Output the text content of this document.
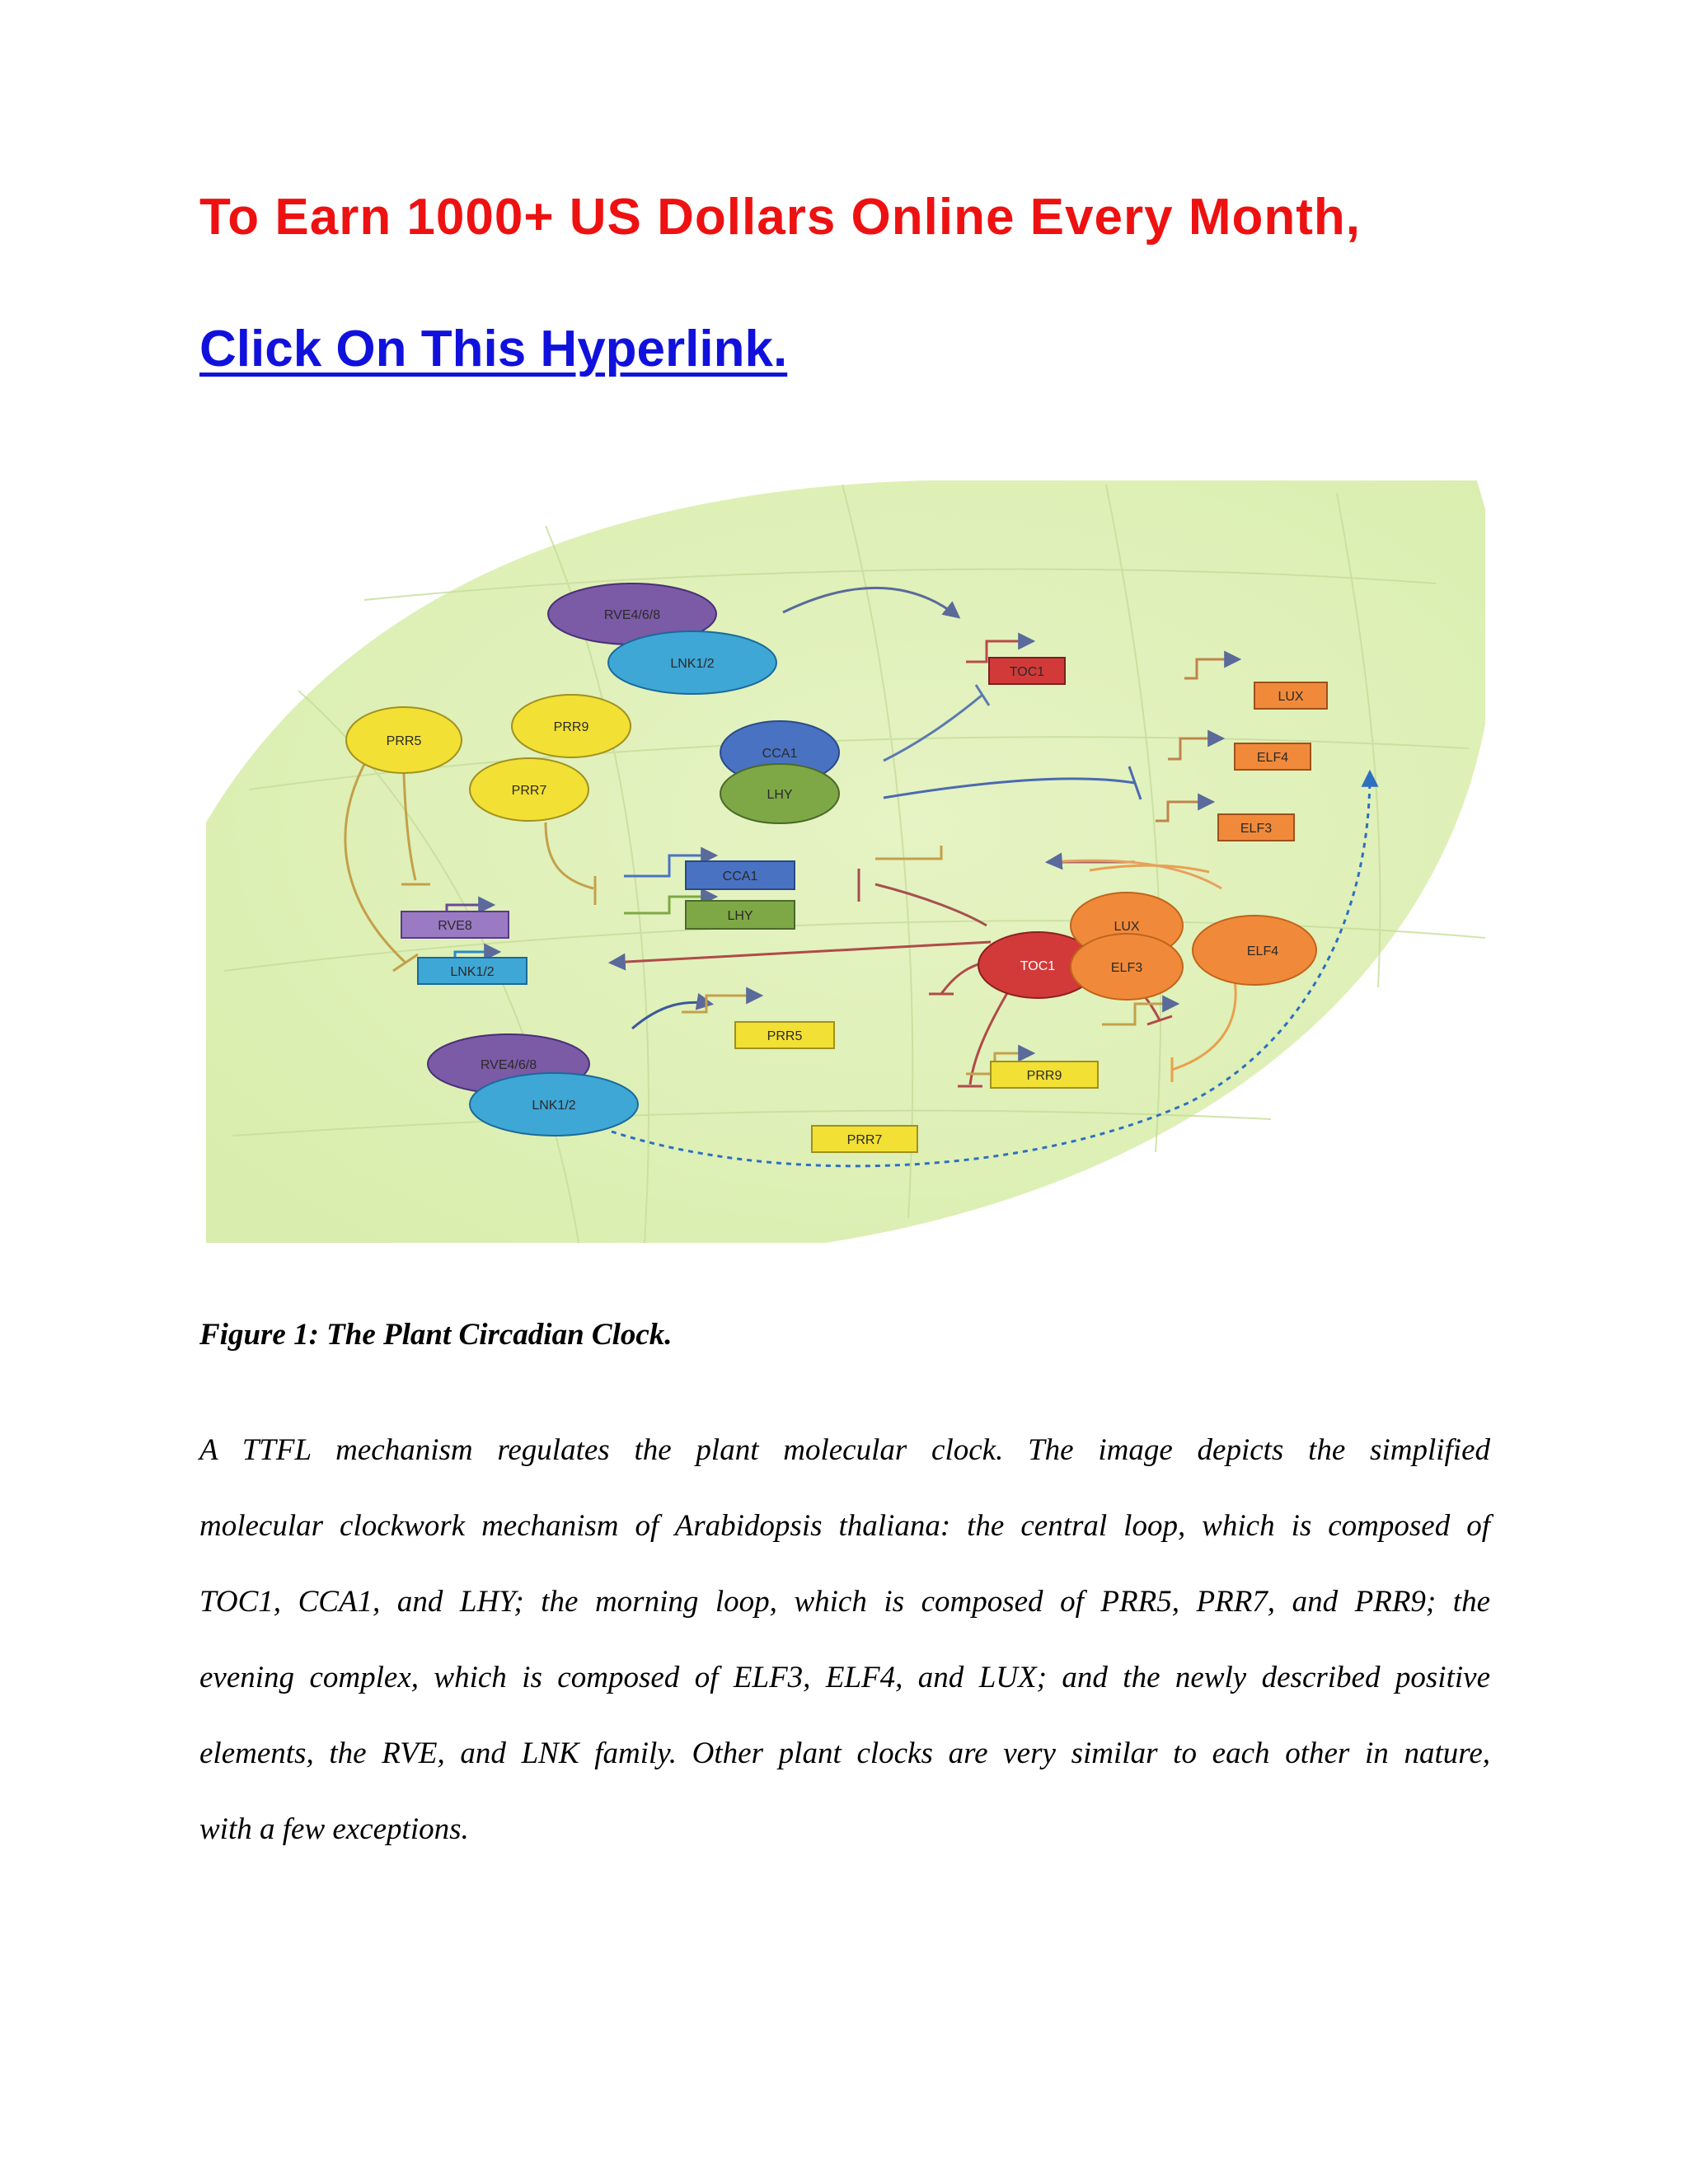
To Earn 1000+ US Dollars Online Every Month,
Click On This Hyperlink.
TOC1
LUX
ELF4
ELF3
CCA1
LHY
RVE8
LNK1/2
PRR5
PRR9
PRR7
RVE4/6/8
LNK1/2
PRR5
PRR9
PRR7
CCA1
LHY
TOC1
ELF4
LUX
ELF3
RVE4/6/8
LNK1/2
Figure 1: The Plant Circadian Clock.
A TTFL mechanism regulates the plant molecular clock. The image depicts the simplified
molecular clockwork mechanism of Arabidopsis thaliana: the central loop, which is composed of
TOC1, CCA1, and LHY; the morning loop, which is composed of PRR5, PRR7, and PRR9; the
evening complex, which is composed of ELF3, ELF4, and LUX; and the newly described positive
elements, the RVE, and LNK family. Other plant clocks are very similar to each other in nature,
with a few exceptions.
